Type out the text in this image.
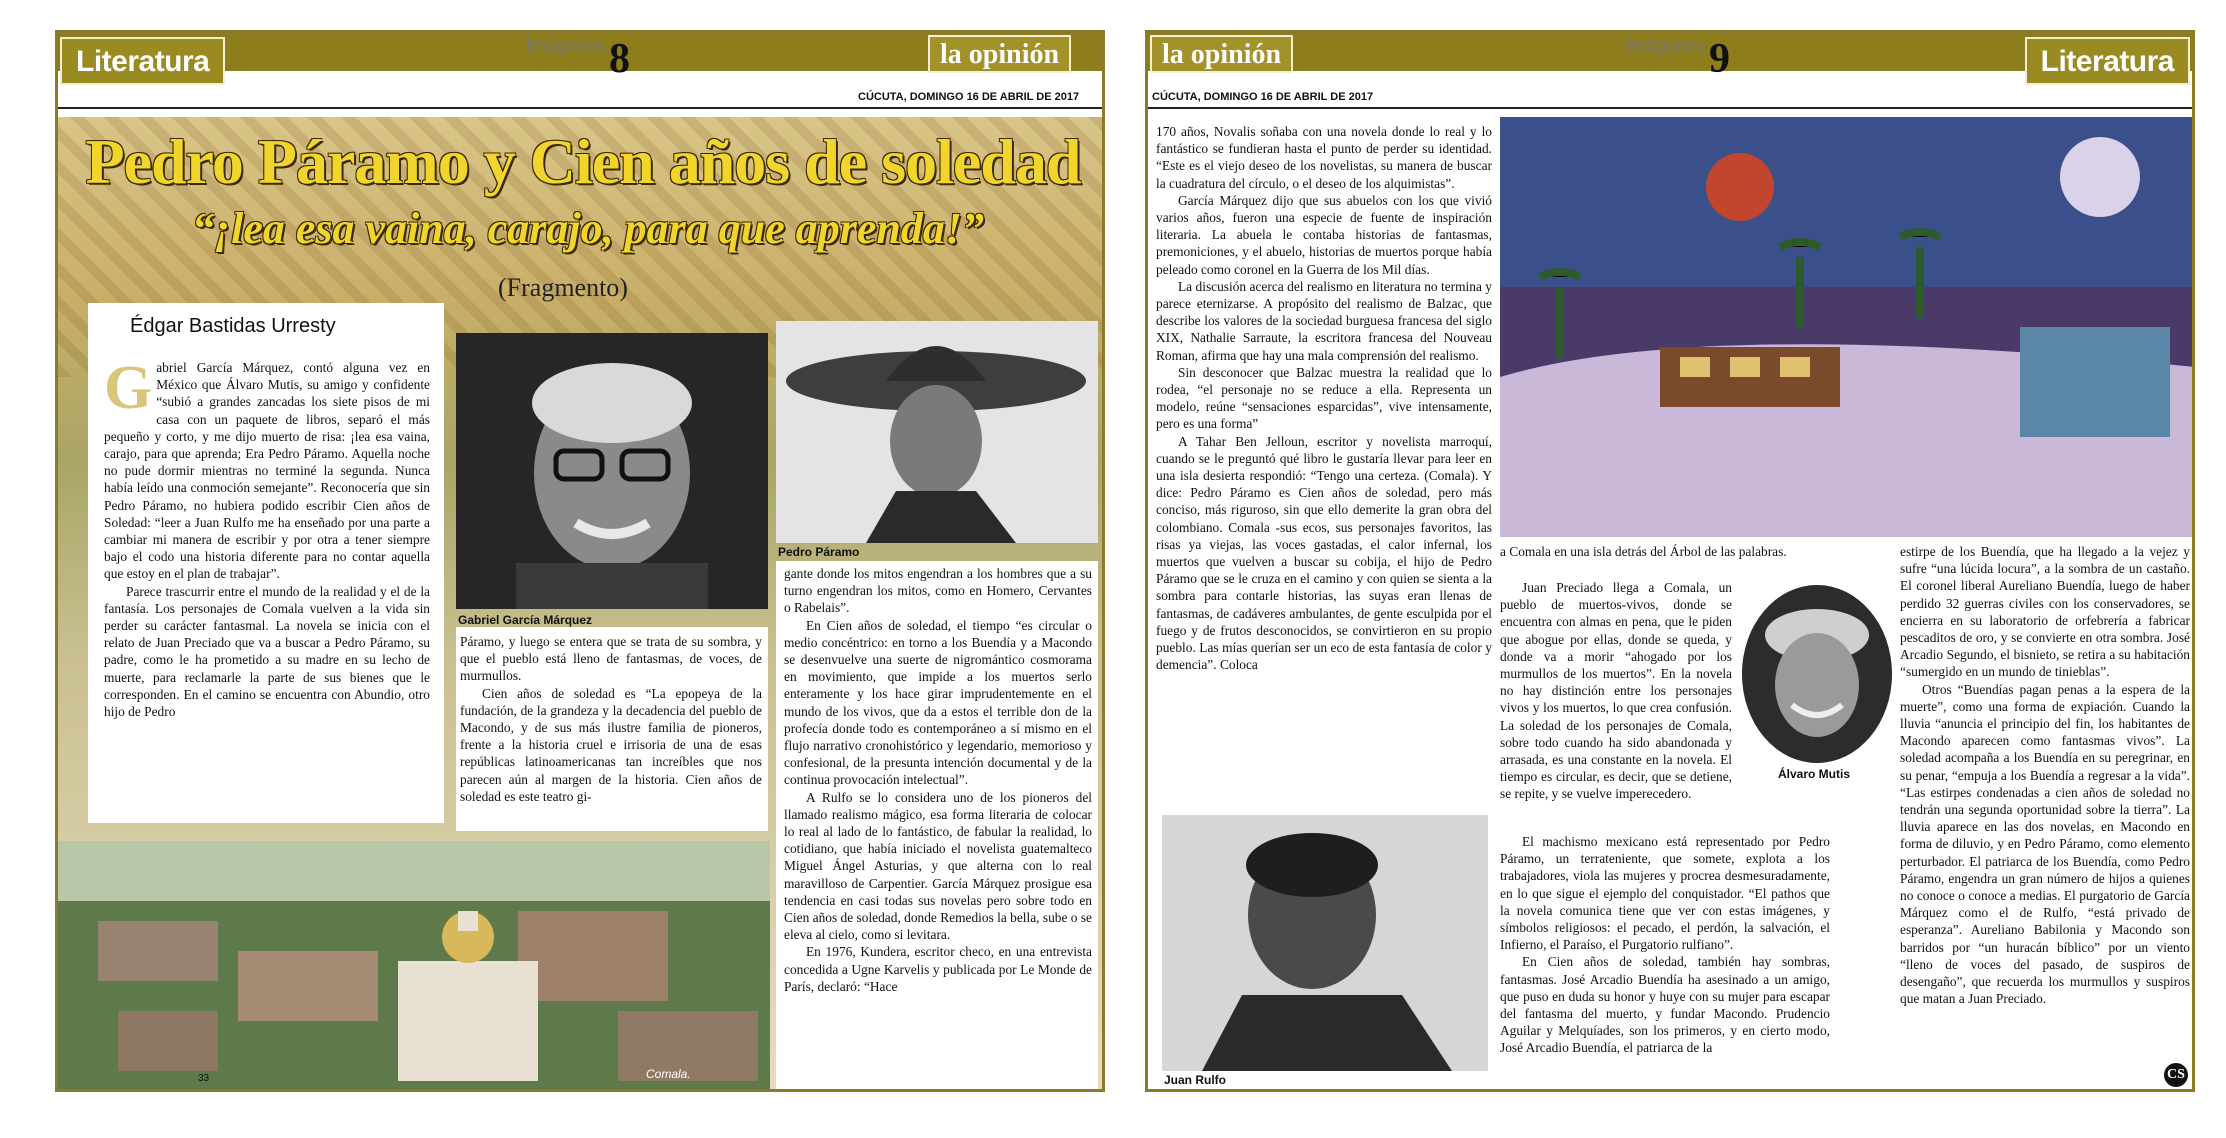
Literatura	Imágenes 8	la opinión
CÚCUTA, DOMINGO 16 DE ABRIL DE 2017
Pedro Páramo y Cien años de soledad
“¡lea esa vaina, carajo, para que aprenda!”
Édgar Bastidas Urresty

Gabriel García Márquez, contó alguna vez en México que Álvaro Mutis, su amigo y confidente “subió a grandes zancadas los siete pisos de mi casa con un paquete de libros, separó el más pequeño y corto, y me dijo muerto de risa: ¡lea esa vaina, carajo, para que aprenda; Era Pedro Páramo. Aquella noche no pude dormir mientras no terminé la segunda. Nunca había leído una conmoción semejante”. Reconocería que sin Pedro Páramo, no hubiera podido escribir Cien años de Soledad: “leer a Juan Rulfo me ha enseñado por una parte a cambiar mi manera de escribir y por otra a tener siempre bajo el codo una historia diferente para no contar aquella que estoy en el plan de trabajar”.

Parece trascurrir entre el mundo de la realidad y el de la fantasía. Los personajes de Comala vuelven a la vida sin perder su carácter fantasmal. La novela se inicia con el relato de Juan Preciado que va a buscar a Pedro Páramo, su padre, como le ha prometido a su madre en su lecho de muerte, para reclamarle la parte de sus bienes que le corresponden. En el camino se encuentra con Abundio, otro hijo de Pedro

(Fragmento)
Gabriel García Márquez
Pedro Páramo

Páramo, y luego se entera que se trata de su sombra, y que el pueblo está lleno de fantasmas, de voces, de murmullos.

Cien años de soledad es “La epopeya de la fundación, de la grandeza y la decadencia del pueblo de Macondo, y de sus más ilustre familia de pioneros, frente a la historia cruel e irrisoria de una de esas repúblicas latinoamericanas tan increíbles que nos parecen aún al margen de la historia. Cien años de soledad es este teatro gi-

gante donde los mitos engendran a los hombres que a su turno engendran los mitos, como en Homero, Cervantes o Rabelais”.

En Cien años de soledad, el tiempo “es circular o medio concéntrico: en torno a los Buendía y a Macondo se desenvuelve una suerte de nigromántico cosmorama en movimiento, que impide a los muertos serlo enteramente y los hace girar imprudentemente en el mundo de los vivos, que da a estos el terrible don de la profecía donde todo es contemporáneo a sí mismo en el flujo narrativo cronohistórico y legendario, memorioso y confesional, de la presunta intención documental y de la continua provocación intelectual”.

A Rulfo se lo considera uno de los pioneros del llamado realismo mágico, esa forma literaria de colocar lo real al lado de lo fantástico, de fabular la realidad, lo cotidiano, que había iniciado el novelista guatemalteco Miguel Ángel Asturias, y que alterna con lo real maravilloso de Carpentier. García Márquez prosigue esa tendencia en casi todas sus novelas pero sobre todo en Cien años de soledad, donde Remedios la bella, sube o se eleva al cielo, como si levitara.

En 1976, Kundera, escritor checo, en una entrevista concedida a Ugne Karvelis y publicada por Le Monde de París, declaró: “Hace

33	Comala.
la opinión	Imágenes 9	Literatura
CÚCUTA, DOMINGO 16 DE ABRIL DE 2017

170 años, Novalis soñaba con una novela donde lo real y lo fantástico se fundieran hasta el punto de perder su identidad. “Este es el viejo deseo de los novelistas, su manera de buscar la cuadratura del círculo, o el deseo de los alquimistas”.

García Márquez dijo que sus abuelos con los que vivió varios años, fueron una especie de fuente de inspiración literaria. La abuela le contaba historias de fantasmas, premoniciones, y el abuelo, historias de muertos porque había peleado como coronel en la Guerra de los Mil días.

La discusión acerca del realismo en literatura no termina y parece eternizarse. A propósito del realismo de Balzac, que describe los valores de la sociedad burguesa francesa del siglo XIX, Nathalie Sarraute, la escritora francesa del Nouveau Roman, afirma que hay una mala comprensión del realismo.

Sin desconocer que Balzac muestra la realidad que lo rodea, “el personaje no se reduce a ella. Representa un modelo, reúne “sensaciones esparcidas”, vive intensamente, pero es una forma”

A Tahar Ben Jelloun, escritor y novelista marroquí, cuando se le preguntó qué libro le gustaría llevar para leer en una isla desierta respondió: “Tengo una certeza. (Comala). Y dice: Pedro Páramo es Cien años de soledad, pero más conciso, más riguroso, sin que ello demerite la gran obra del colombiano. Comala -sus ecos, sus personajes favoritos, las risas ya viejas, las voces gastadas, el calor infernal, los muertos que vuelven a buscar su cobija, el hijo de Pedro Páramo que se le cruza en el camino y con quien se sienta a la sombra para contarle historias, las suyas eran llenas de fantasmas, de cadáveres ambulantes, de gente esculpida por el fuego y de frutos desconocidos, se convirtieron en su propio pueblo. Las mías querían ser un eco de esta fantasía de color y demencia”. Coloca

a Comala en una isla detrás del Árbol de las palabras.

Álvaro Mutis

Juan Preciado llega a Comala, un pueblo de muertos-vivos, donde se encuentra con almas en pena, que le piden que abogue por ellas, donde se queda, y donde va a morir “ahogado por los murmullos de los muertos”. En la novela no hay distinción entre los personajes vivos y los muertos, lo que crea confusión. La soledad de los personajes de Comala, sobre todo cuando ha sido abandonada y arrasada, es una constante en la novela. El tiempo es circular, es decir, que se detiene, se repite, y se vuelve imperecedero.

El machismo mexicano está representado por Pedro Páramo, un terrateniente, que somete, explota a los trabajadores, viola las mujeres y procrea desmesuradamente, en lo que sigue el ejemplo del conquistador. “El pathos que la novela comunica tiene que ver con estas imágenes, y símbolos religiosos: el pecado, el perdón, la salvación, el Infierno, el Paraíso, el Purgatorio rulfiano”.

En Cien años de soledad, también hay sombras, fantasmas. José Arcadio Buendía ha asesinado a un amigo, que puso en duda su honor y huye con su mujer para escapar del fantasma del muerto, y fundar Macondo. Prudencio Aguilar y Melquíades, son los primeros, y en cierto modo, José Arcadio Buendía, el patriarca de la

estirpe de los Buendía, que ha llegado a la vejez y sufre “una lúcida locura”, a la sombra de un castaño. El coronel liberal Aureliano Buendía, luego de haber perdido 32 guerras civiles con los conservadores, se encierra en su laboratorio de orfebrería a fabricar pescaditos de oro, y se convierte en otra sombra. José Arcadio Segundo, el bisnieto, se retira a su habitación “sumergido en un mundo de tinieblas”.

Otros “Buendías pagan penas a la espera de la muerte”, como una forma de expiación. Cuando la lluvia “anuncia el principio del fin, los habitantes de Macondo aparecen como fantasmas vivos”. La soledad acompaña a los Buendía en su peregrinar, en su penar, “empuja a los Buendía a regresar a la vida”. “Las estirpes condenadas a cien años de soledad no tendrán una segunda oportunidad sobre la tierra”. La lluvia aparece en las dos novelas, en Macondo en forma de diluvio, y en Pedro Páramo, como elemento perturbador. El patriarca de los Buendía, como Pedro Páramo, engendra un gran número de hijos a quienes no conoce o conoce a medias. El purgatorio de García Márquez como el de Rulfo, “está privado de esperanza”. Aureliano Babilonia y Macondo son barridos por “un huracán bíblico” por un viento “lleno de voces del pasado, de suspiros de desengaño”, que recuerda los murmullos y suspiros que matan a Juan Preciado.

Juan Rulfo	CS
